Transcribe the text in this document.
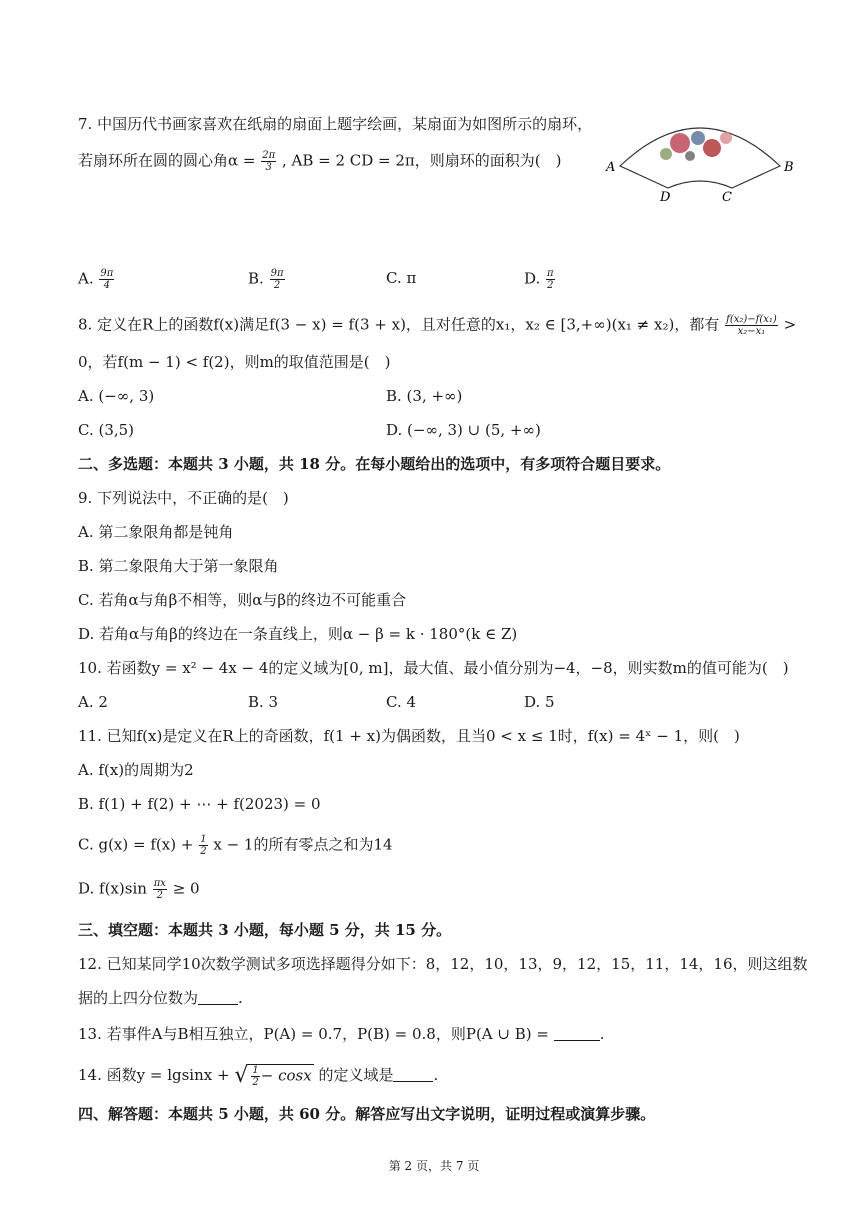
7. 中国历代书画家喜欢在纸扇的扇面上题字绘画，某扇面为如图所示的扇环，
若扇环所在圆的圆心角$\alpha = \frac{2\pi}{3}$ , AB = 2 CD = 2π，则扇环的面积为(　)	A	B
D	C
A. $\frac{9\pi}{4}$	B. $\frac{9\pi}{2}$	C. π	D. $\frac{\pi}{2}$
8. 定义在R上的函数f(x)满足f(3 − x) = f(3 + x)，且对任意的x₁，x₂ ∈ [3,+∞)(x₁ ≠ x₂)，都有 $\frac{\text{f(x₂)−f(x₁)}}{\text{x₂−x₁}}$ >
0，若f(m − 1) < f(2)，则m的取值范围是(　)
A. (−∞, 3)	B. (3, +∞)
C. (3,5)	D. (−∞, 3) ∪ (5, +∞)
二、多选题：本题共 3 小题，共 18 分。在每小题给出的选项中，有多项符合题目要求。
9. 下列说法中，不正确的是(　)
A. 第二象限角都是钝角
B. 第二象限角大于第一象限角
C. 若角α与角β不相等，则α与β的终边不可能重合
D. 若角α与角β的终边在一条直线上，则α − β = k · 180°(k ∈ Z)
10. 若函数y = x² − 4x − 4的定义域为[0, m]，最大值、最小值分别为−4，−8，则实数m的值可能为(　)
A. 2	B. 3	C. 4	D. 5
11. 已知f(x)是定义在R上的奇函数，f(1 + x)为偶函数，且当0 < x ≤ 1时，f(x) = 4ˣ − 1，则(　)
A. f(x)的周期为2
B. f(1) + f(2) + ⋯ + f(2023) = 0
C. $g(x) = f(x) + \frac{1}{2}$ x − 1的所有零点之和为14
D. $f(x)\sin \frac{\pi x}{2} \ge 0$
三、填空题：本题共 3 小题，每小题 5 分，共 15 分。
12. 已知某同学10次数学测试多项选择题得分如下：8，12，10，13，9，12，15，11，14，16，则这组数
据的上四分位数为	.
13. 若事件A与B相互独立，P(A) = 0.7，P(B) = 0.8，则P(A ∪ B) =	.
14. 函数y = lgsinx + √ $\frac{1}{2} - \cos x$ 的定义域是	.
四、解答题：本题共 5 小题，共 60 分。解答应写出文字说明，证明过程或演算步骤。
第 2 页，共 7 页
